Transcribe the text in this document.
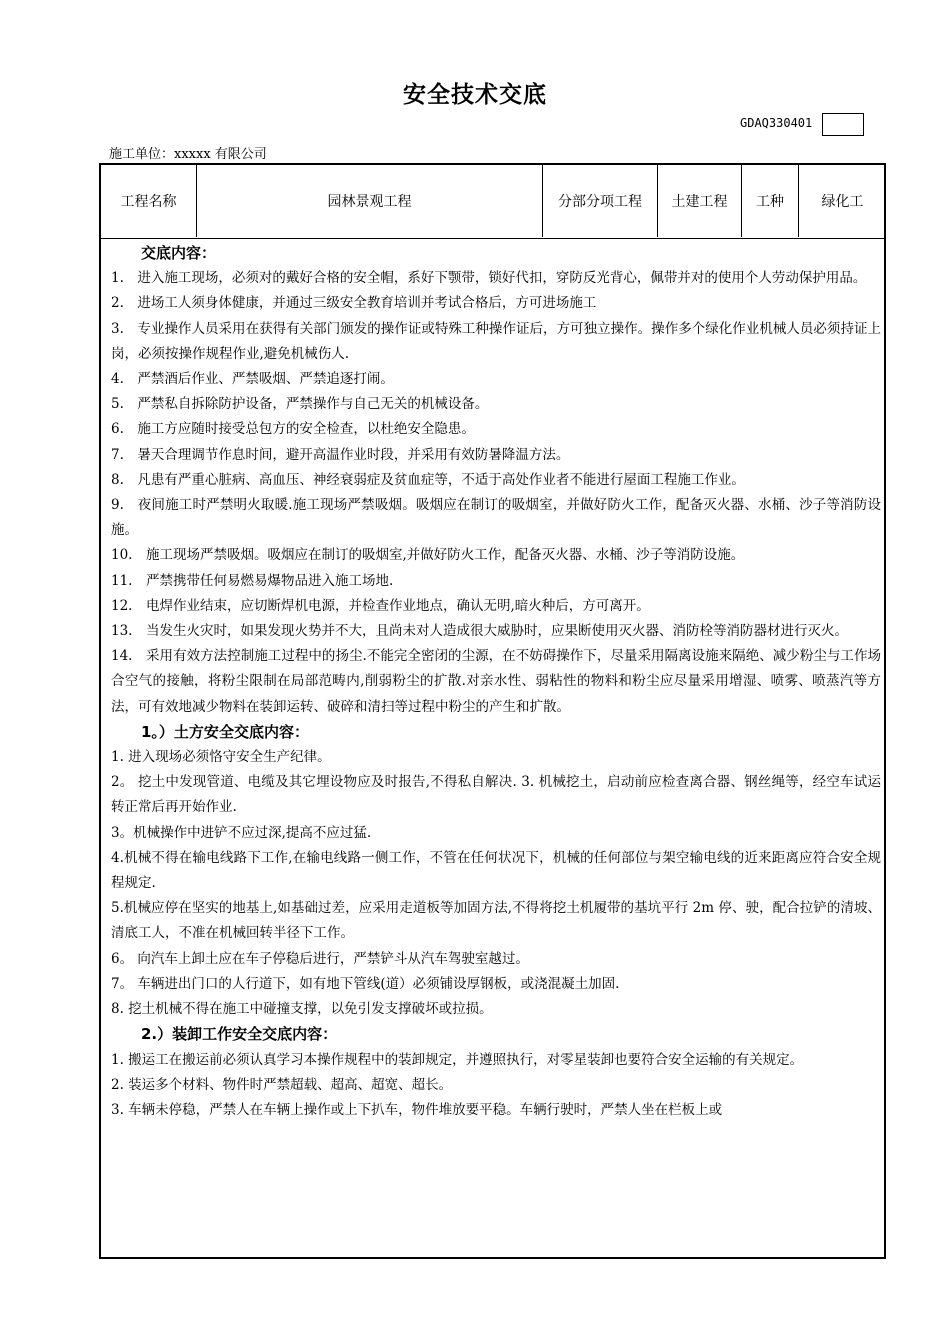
安全技术交底
GDAQ330401
施工单位：xxxxx 有限公司
工程名称	园林景观工程	分部分项工程	土建工程	工种	绿化工

交底内容：

1.　进入施工现场，必须对的戴好合格的安全帽，系好下颚带，锁好代扣，穿防反光背心，佩带并对的使用个人劳动保护用品。

2.　进场工人须身体健康，并通过三级安全教育培训并考试合格后，方可进场施工

3.　专业操作人员采用在获得有关部门颁发的操作证或特殊工种操作证后，方可独立操作。操作多个绿化作业机械人员必须持证上岗，必须按操作规程作业,避免机械伤人.

4.　严禁酒后作业、严禁吸烟、严禁追逐打闹。

5.　严禁私自拆除防护设备，严禁操作与自己无关的机械设备。

6.　施工方应随时接受总包方的安全检查，以杜绝安全隐患。

7.　暑天合理调节作息时间，避开高温作业时段，并采用有效防暑降温方法。

8.　凡患有严重心脏病、高血压、神经衰弱症及贫血症等，不适于高处作业者不能进行屋面工程施工作业。

9.　夜间施工时严禁明火取暖.施工现场严禁吸烟。吸烟应在制订的吸烟室，并做好防火工作，配备灭火器、水桶、沙子等消防设施。

10.　施工现场严禁吸烟。吸烟应在制订的吸烟室,并做好防火工作，配备灭火器、水桶、沙子等消防设施。

11.　严禁携带任何易燃易爆物品进入施工场地.

12.　电焊作业结束，应切断焊机电源，并检查作业地点，确认无明,暗火种后，方可离开。

13.　当发生火灾时，如果发现火势并不大，且尚未对人造成很大威胁时，应果断使用灭火器、消防栓等消防器材进行灭火。

14.　采用有效方法控制施工过程中的扬尘.不能完全密闭的尘源，在不妨碍操作下，尽量采用隔离设施来隔绝、减少粉尘与工作场合空气的接触，将粉尘限制在局部范畴内,削弱粉尘的扩散.对亲水性、弱粘性的物料和粉尘应尽量采用增湿、喷雾、喷蒸汽等方法，可有效地减少物料在装卸运转、破碎和清扫等过程中粉尘的产生和扩散。

1。）土方安全交底内容：

1. 进入现场必须恪守安全生产纪律。

2。 挖土中发现管道、电缆及其它埋设物应及时报告,不得私自解决. 3. 机械挖土，启动前应检查离合器、钢丝绳等，经空车试运转正常后再开始作业.

3。机械操作中进铲不应过深,提高不应过猛.

4.机械不得在输电线路下工作,在输电线路一侧工作，不管在任何状况下，机械的任何部位与架空输电线的近来距离应符合安全规程规定.

5.机械应停在坚实的地基上,如基础过差，应采用走道板等加固方法,不得将挖土机履带的基坑平行 2m 停、驶，配合拉铲的清坡、清底工人，不准在机械回转半径下工作。

6。 向汽车上卸土应在车子停稳后进行，严禁铲斗从汽车驾驶室越过。

7。 车辆进出门口的人行道下，如有地下管线(道）必须铺设厚钢板，或浇混凝土加固.

8. 挖土机械不得在施工中碰撞支撑，以免引发支撑破坏或拉损。

2.）装卸工作安全交底内容：

1. 搬运工在搬运前必须认真学习本操作规程中的装卸规定，并遵照执行，对零星装卸也要符合安全运输的有关规定。

2. 装运多个材料、物件时严禁超载、超高、超宽、超长。

3. 车辆未停稳，严禁人在车辆上操作或上下扒车，物件堆放要平稳。车辆行驶时，严禁人坐在栏板上或
